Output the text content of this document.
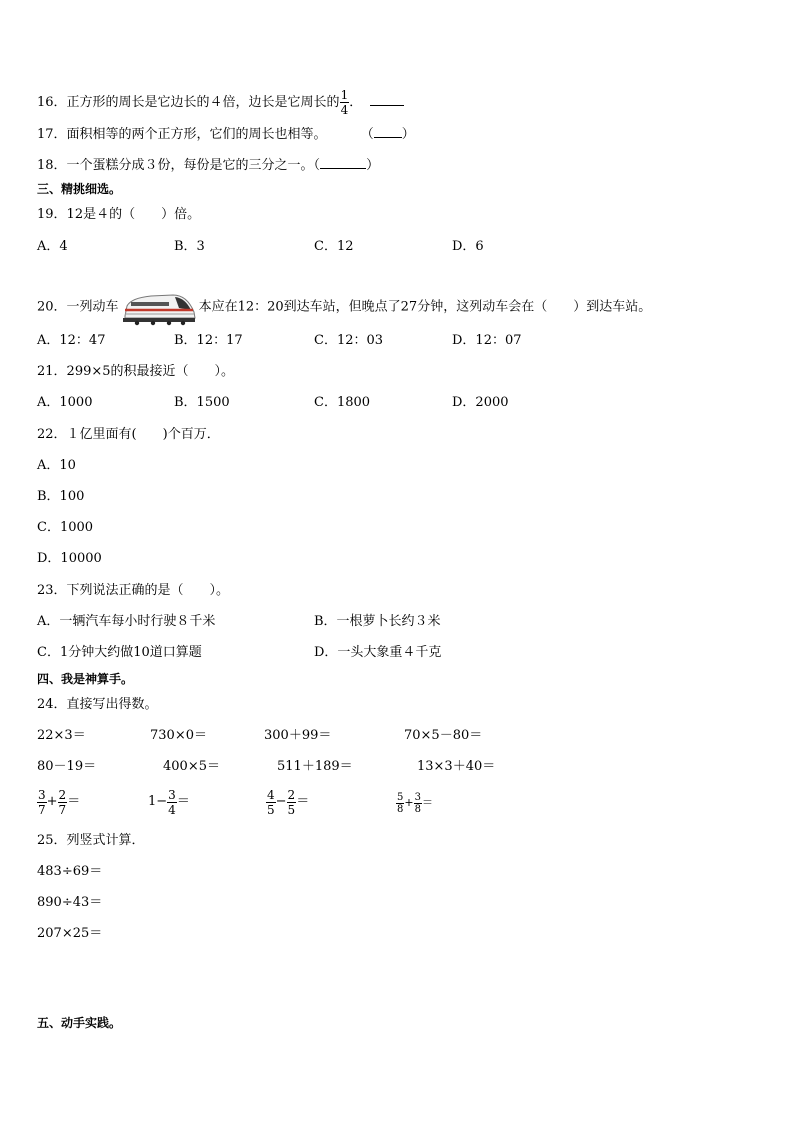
16．正方形的周长是它边长的４倍，边长是它周长的 $\frac{1}{4}$ ．
17．面积相等的两个正方形，它们的周长也相等。	（ ）
18．一个蛋糕分成３份，每份是它的三分之一。（	）
三、精挑细选。
19．12是４的（　　）倍。
A．4	B．3	C．12	D．6
20．一列动车	本应在12：20到达车站，但晚点了27分钟，这列动车会在（　　）到达车站。
A．12：47	B．12：17	C．12：03	D．12：07
21．299×5的积最接近（　　）。
A．1000	B．1500	C．1800	D．2000
22．１亿里面有(　　)个百万．
A．10
B．100
C．1000
D．10000
23．下列说法正确的是（　　）。
A．一辆汽车每小时行驶８千米	B．一根萝卜长约３米
C．1分钟大约做10道口算题	D．一头大象重４千克
四、我是神算手。
24．直接写出得数。
22×3＝	730×0＝	300＋99＝	70×5－80＝
80－19＝	400×5＝	511＋189＝	13×3＋40＝
$\frac{3}{7} + \frac{2}{7}$ ＝	$1- \frac{3}{4}$ ＝	$\frac{4}{5} - \frac{2}{5}$ ＝	$\frac{5}{8} + \frac{3}{8}$ ＝
25．列竖式计算．
483÷69＝
890÷43＝
207×25＝
五、动手实践。
